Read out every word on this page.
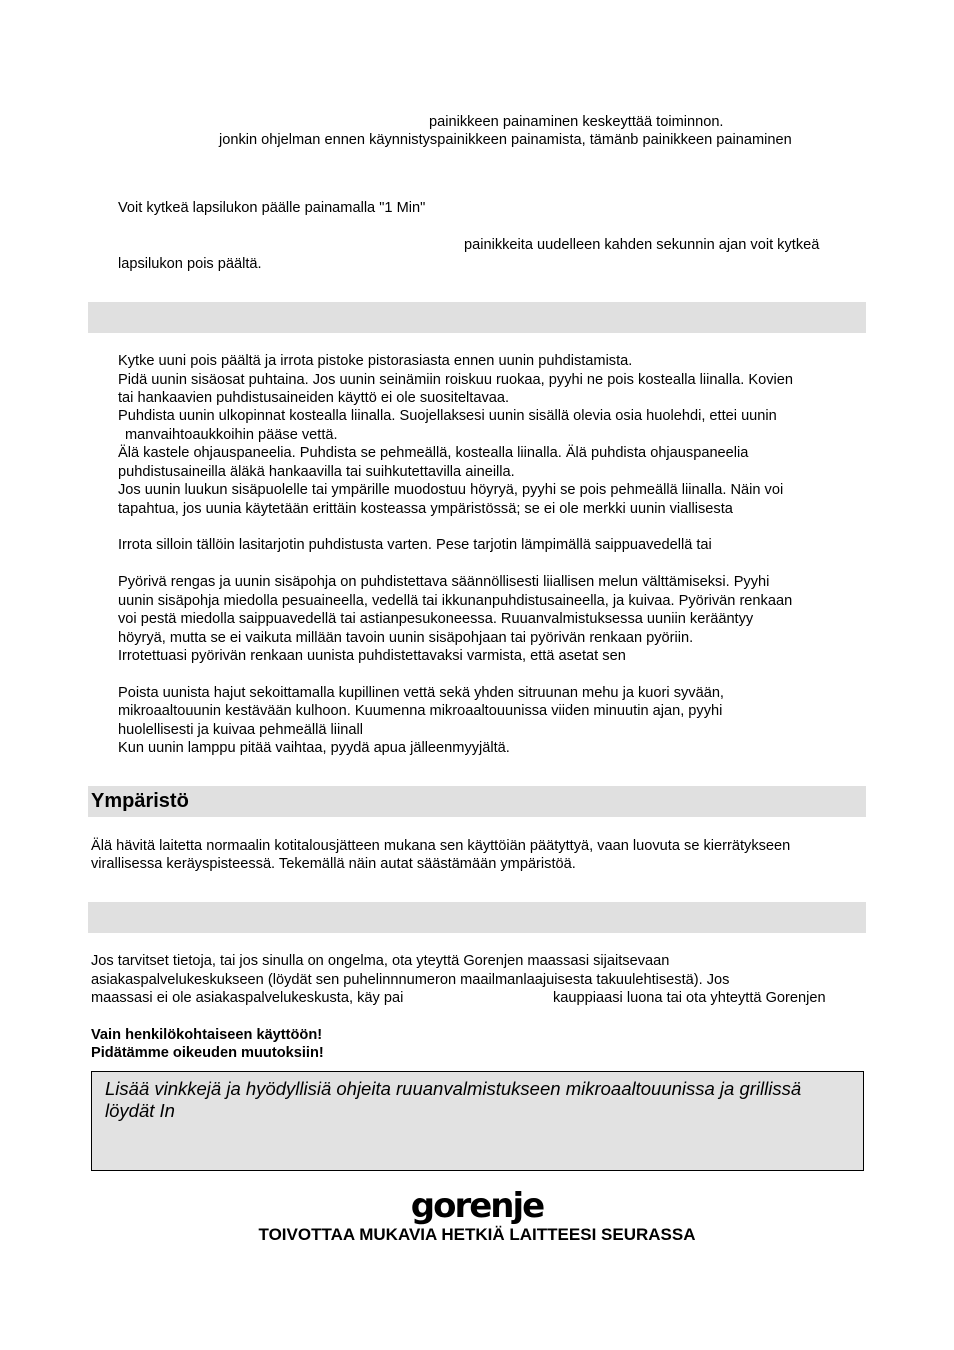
painikkeen painaminen keskeyttää toiminnon.
jonkin ohjelman ennen käynnistyspainikkeen painamista, tämänb painikkeen painaminen
Voit kytkeä lapsilukon päälle painamalla "1 Min"
painikkeita uudelleen kahden sekunnin ajan voit kytkeä
lapsilukon pois päältä.
Kytke uuni pois päältä ja irrota pistoke pistorasiasta ennen uunin puhdistamista.
Pidä uunin sisäosat puhtaina. Jos uunin seinämiin roiskuu ruokaa, pyyhi ne pois kostealla liinalla. Kovien
tai hankaavien puhdistusaineiden käyttö ei ole suositeltavaa.
Puhdista uunin ulkopinnat kostealla liinalla. Suojellaksesi uunin sisällä olevia osia huolehdi, ettei uunin
manvaihtoaukkoihin pääse vettä.
Älä kastele ohjauspaneelia. Puhdista se pehmeällä, kostealla liinalla. Älä puhdista ohjauspaneelia
puhdistusaineilla äläkä hankaavilla tai suihkutettavilla aineilla.
Jos uunin luukun sisäpuolelle tai ympärille muodostuu höyryä, pyyhi se pois pehmeällä liinalla. Näin voi
tapahtua, jos uunia käytetään erittäin kosteassa ympäristössä; se ei ole merkki uunin viallisesta
Irrota silloin tällöin lasitarjotin puhdistusta varten. Pese tarjotin lämpimällä saippuavedellä tai
Pyörivä rengas ja uunin sisäpohja on puhdistettava säännöllisesti liiallisen melun välttämiseksi. Pyyhi
uunin sisäpohja miedolla pesuaineella, vedellä tai ikkunanpuhdistusaineella, ja kuivaa. Pyörivän renkaan
voi pestä miedolla saippuavedellä tai astianpesukoneessa. Ruuanvalmistuksessa uuniin kerääntyy
höyryä, mutta se ei vaikuta millään tavoin uunin sisäpohjaan tai pyörivän renkaan pyöriin.
Irrotettuasi pyörivän renkaan uunista puhdistettavaksi varmista, että asetat sen
Poista uunista hajut sekoittamalla kupillinen vettä sekä yhden sitruunan mehu ja kuori syvään,
mikroaaltouunin kestävään kulhoon. Kuumenna mikroaaltouunissa viiden minuutin ajan, pyyhi
huolellisesti ja kuivaa pehmeällä liinall
Kun uunin lamppu pitää vaihtaa, pyydä apua jälleenmyyjältä.
Ympäristö
Älä hävitä laitetta normaalin kotitalousjätteen mukana sen käyttöiän päätyttyä, vaan luovuta se kierrätykseen
virallisessa keräyspisteessä. Tekemällä näin autat säästämään ympäristöä.
Jos tarvitset tietoja, tai jos sinulla on ongelma, ota yteyttä Gorenjen maassasi sijaitsevaan
asiakaspalvelukeskukseen (löydät sen puhelinnnumeron maailmanlaajuisesta takuulehtisestä). Jos
maassasi ei ole asiakaspalvelukeskusta, käy pai	kauppiaasi luona tai ota yhteyttä Gorenjen
Vain henkilökohtaiseen käyttöön!
Pidätämme oikeuden muutoksiin!
Lisää vinkkejä ja hyödyllisiä ohjeita ruuanvalmistukseen mikroaaltouunissa ja grillissä
löydät In
gorenje
TOIVOTTAA MUKAVIA HETKIÄ LAITTEESI SEURASSA
